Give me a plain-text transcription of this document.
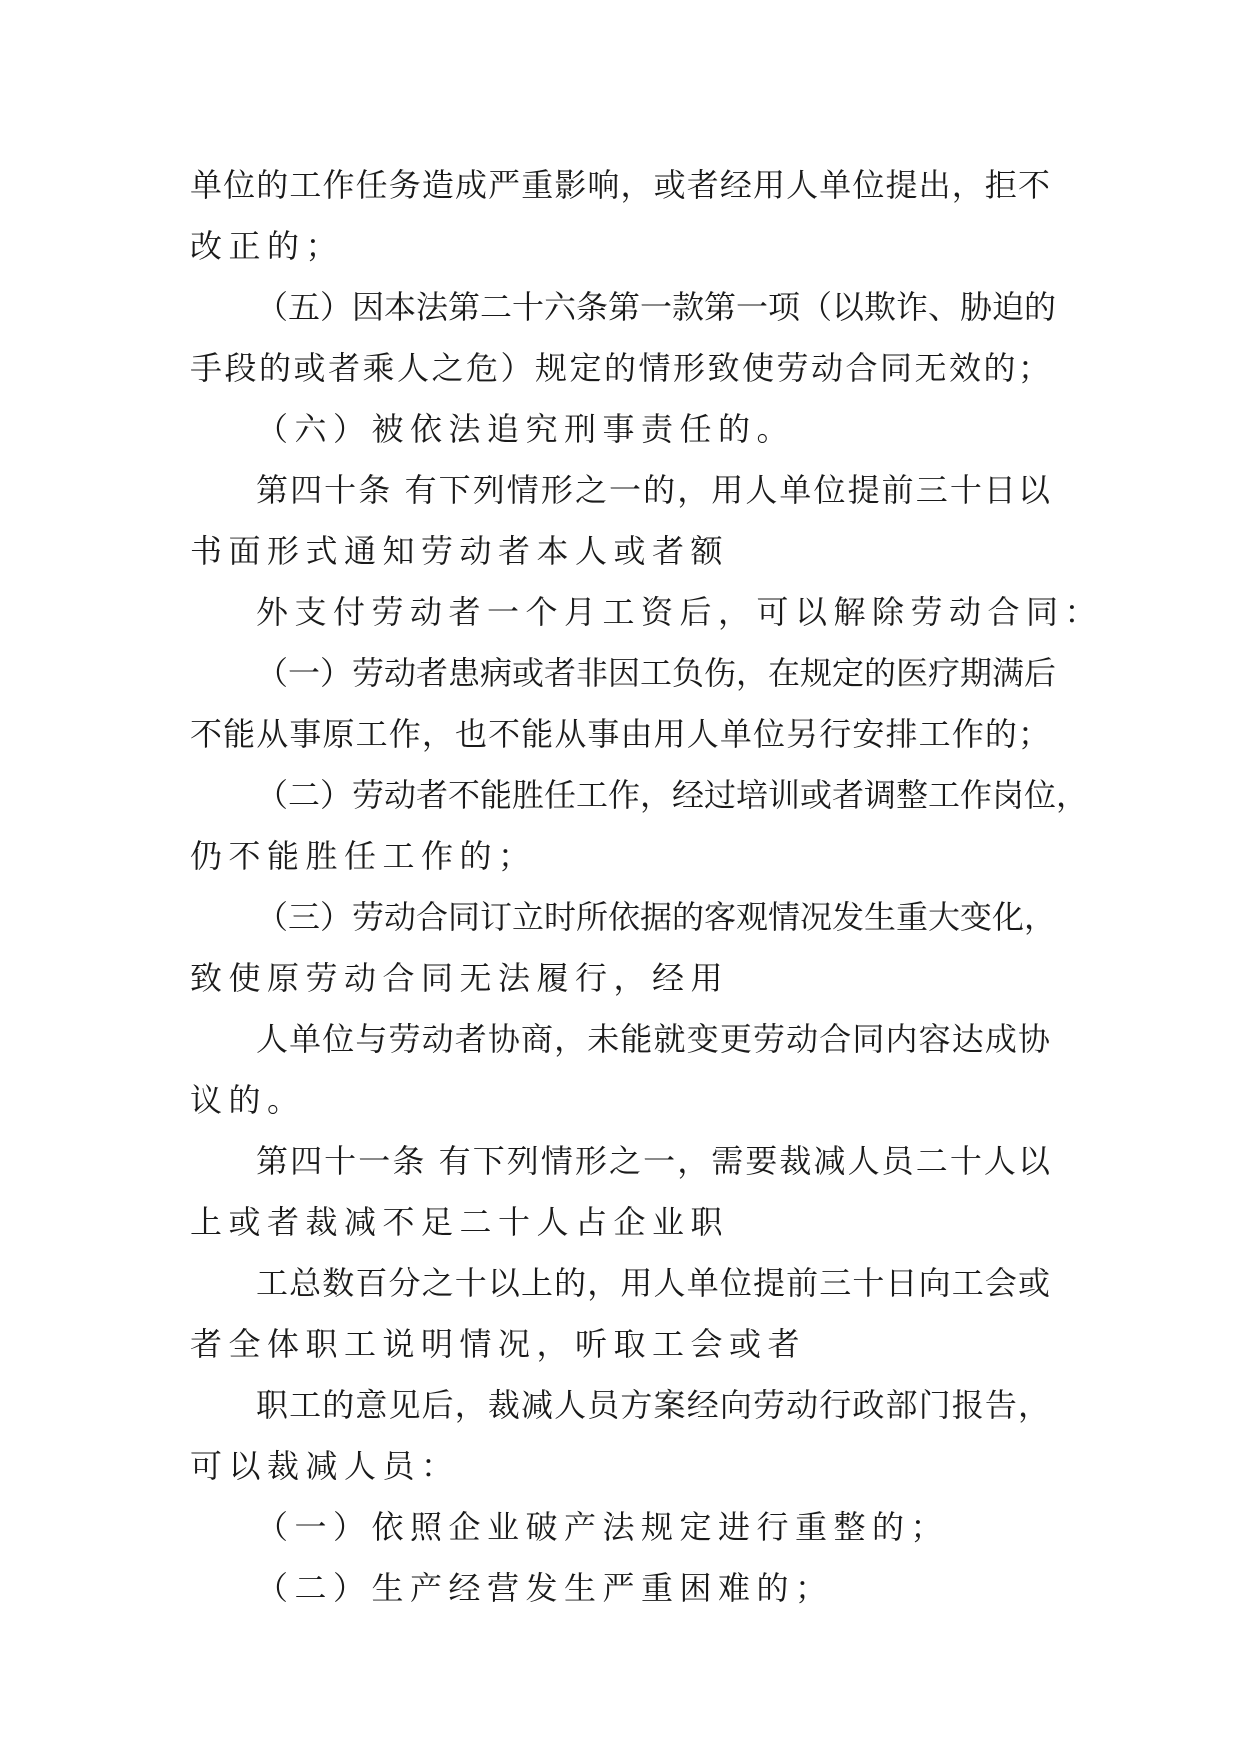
单位的工作任务造成严重影响，或者经用人单位提出，拒不
改正的；
（五）因本法第二十六条第一款第一项（以欺诈、胁迫的
手段的或者乘人之危）规定的情形致使劳动合同无效的；
（六）被依法追究刑事责任的。
第四十条 有下列情形之一的，用人单位提前三十日以
书面形式通知劳动者本人或者额
外支付劳动者一个月工资后，可以解除劳动合同：
（一）劳动者患病或者非因工负伤，在规定的医疗期满后
不能从事原工作，也不能从事由用人单位另行安排工作的；
（二）劳动者不能胜任工作，经过培训或者调整工作岗位，
仍不能胜任工作的；
（三）劳动合同订立时所依据的客观情况发生重大变化，
致使原劳动合同无法履行，经用
人单位与劳动者协商，未能就变更劳动合同内容达成协
议的。
第四十一条 有下列情形之一，需要裁减人员二十人以
上或者裁减不足二十人占企业职
工总数百分之十以上的，用人单位提前三十日向工会或
者全体职工说明情况，听取工会或者
职工的意见后，裁减人员方案经向劳动行政部门报告，
可以裁减人员：
（一）依照企业破产法规定进行重整的；
（二）生产经营发生严重困难的；
